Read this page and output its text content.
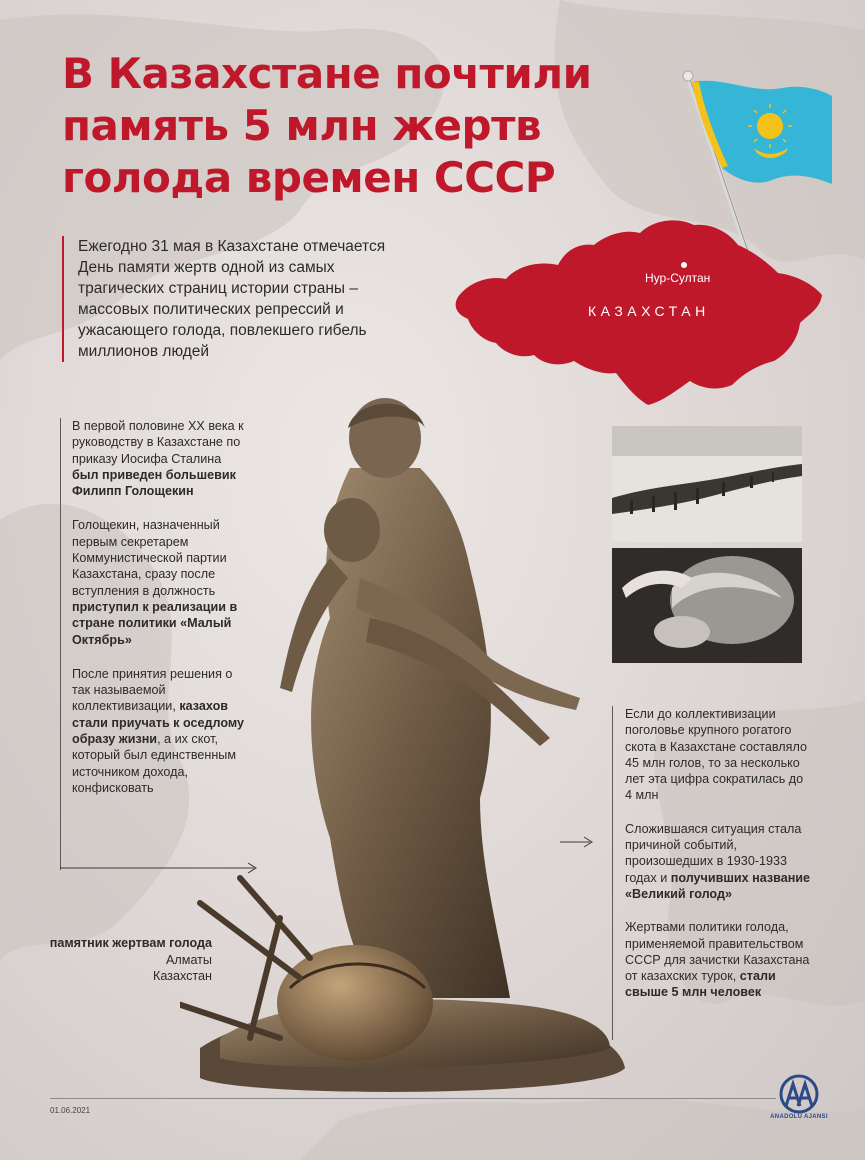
В Казахстане почтили память 5 млн жертв голода времен СССР
Ежегодно 31 мая в Казахстане отмечается День памяти жертв одной из самых трагических страниц истории страны – массовых политических репрессий и ужасающего голода, повлекшего гибель миллионов людей
Нур-Султан
КАЗАХСТАН

В первой половине XX века к руководству в Казахстане по приказу Иосифа Сталина был приведен большевик Филипп Голощекин

Голощекин, назначенный первым секретарем Коммунистической партии Казахстана, сразу после вступления в должность приступил к реализации в стране политики «Малый Октябрь»

После принятия решения о так называемой коллективизации, казахов стали приучать к оседлому образу жизни, а их скот, который был единственным источником дохода, конфисковать

Если до коллективизации поголовье крупного рогатого скота в Казахстане составляло 45 млн голов, то за несколько лет эта цифра сократилась до 4 млн

Сложившаяся ситуация стала причиной событий, произошедших в 1930-1933 годах и получивших название «Великий голод»

Жертвами политики голода, применяемой правительством СССР для зачистки Казахстана от казахских турок, стали свыше 5 млн человек

памятник жертвам голода
Алматы
Казахстан
01.06.2021
ANADOLU AJANSI
